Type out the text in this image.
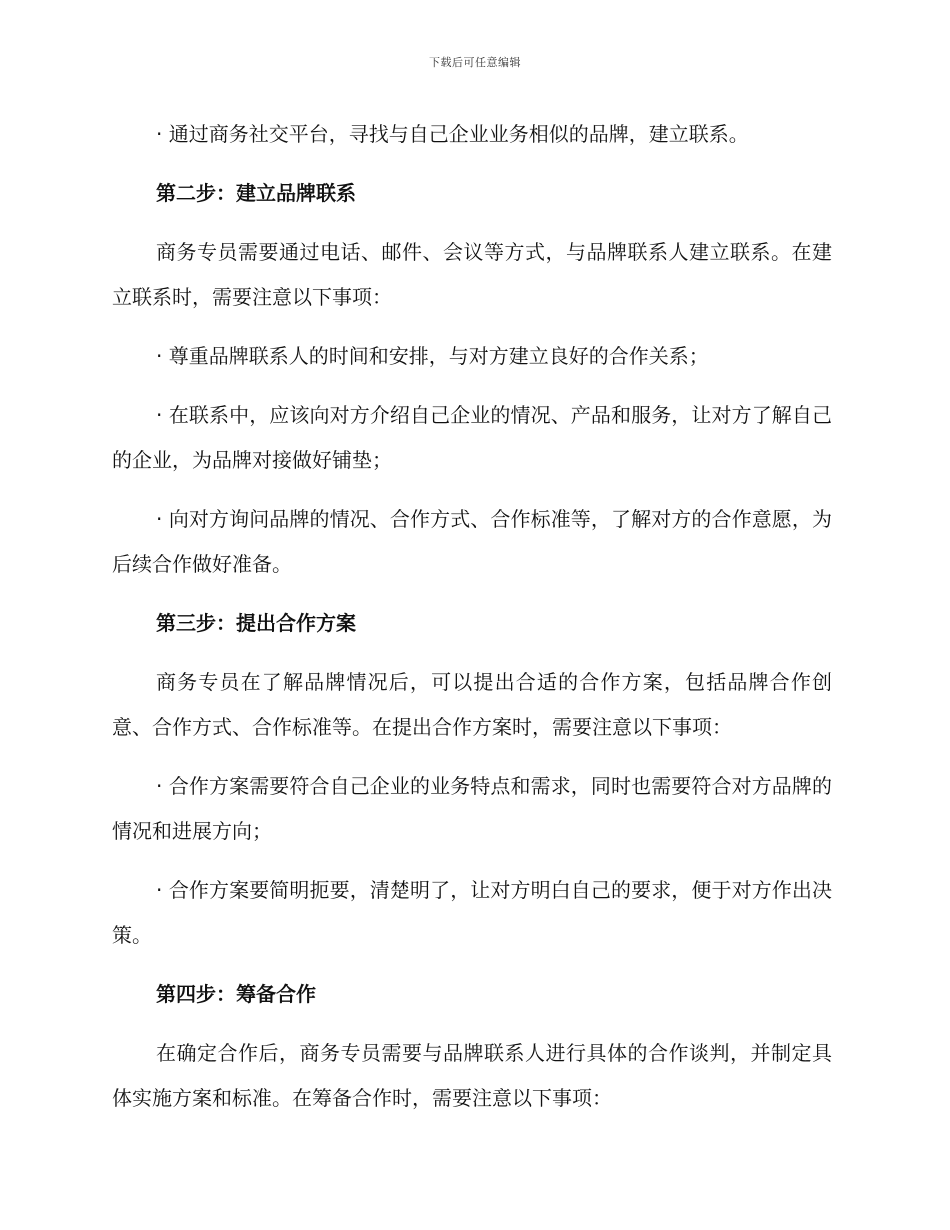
下载后可任意编辑

· 通过商务社交平台，寻找与自己企业业务相似的品牌，建立联系。

第二步：建立品牌联系

商务专员需要通过电话、邮件、会议等方式，与品牌联系人建立联系。在建立联系时，需要注意以下事项：

· 尊重品牌联系人的时间和安排，与对方建立良好的合作关系；

· 在联系中，应该向对方介绍自己企业的情况、产品和服务，让对方了解自己的企业，为品牌对接做好铺垫；

· 向对方询问品牌的情况、合作方式、合作标准等，了解对方的合作意愿，为后续合作做好准备。

第三步：提出合作方案

商务专员在了解品牌情况后，可以提出合适的合作方案，包括品牌合作创意、合作方式、合作标准等。在提出合作方案时，需要注意以下事项：

· 合作方案需要符合自己企业的业务特点和需求，同时也需要符合对方品牌的情况和进展方向；

· 合作方案要简明扼要，清楚明了，让对方明白自己的要求，便于对方作出决策。

第四步：筹备合作

在确定合作后，商务专员需要与品牌联系人进行具体的合作谈判，并制定具体实施方案和标准。在筹备合作时，需要注意以下事项：
